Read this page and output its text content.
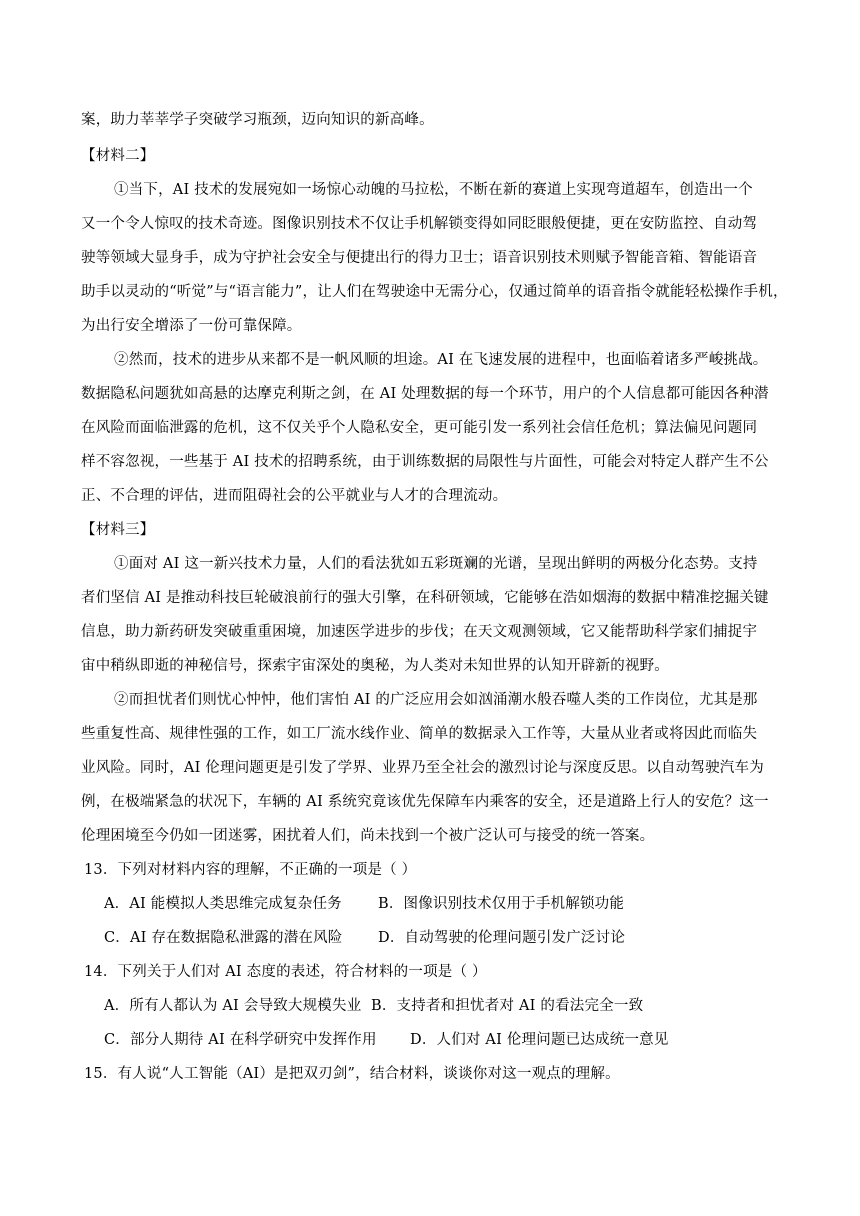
案，助力莘莘学子突破学习瓶颈，迈向知识的新高峰。
【材料二】
①当下，AI 技术的发展宛如一场惊心动魄的马拉松，不断在新的赛道上实现弯道超车，创造出一个
又一个令人惊叹的技术奇迹。图像识别技术不仅让手机解锁变得如同眨眼般便捷，更在安防监控、自动驾
驶等领域大显身手，成为守护社会安全与便捷出行的得力卫士；语音识别技术则赋予智能音箱、智能语音
助手以灵动的“听觉”与“语言能力”，让人们在驾驶途中无需分心，仅通过简单的语音指令就能轻松操作手机，
为出行安全增添了一份可靠保障。
②然而，技术的进步从来都不是一帆风顺的坦途。AI 在飞速发展的进程中，也面临着诸多严峻挑战。
数据隐私问题犹如高悬的达摩克利斯之剑，在 AI 处理数据的每一个环节，用户的个人信息都可能因各种潜
在风险而面临泄露的危机，这不仅关乎个人隐私安全，更可能引发一系列社会信任危机；算法偏见问题同
样不容忽视，一些基于 AI 技术的招聘系统，由于训练数据的局限性与片面性，可能会对特定人群产生不公
正、不合理的评估，进而阻碍社会的公平就业与人才的合理流动。
【材料三】
①面对 AI 这一新兴技术力量，人们的看法犹如五彩斑斓的光谱，呈现出鲜明的两极分化态势。支持
者们坚信 AI 是推动科技巨轮破浪前行的强大引擎，在科研领域，它能够在浩如烟海的数据中精准挖掘关键
信息，助力新药研发突破重重困境，加速医学进步的步伐；在天文观测领域，它又能帮助科学家们捕捉宇
宙中稍纵即逝的神秘信号，探索宇宙深处的奥秘，为人类对未知世界的认知开辟新的视野。
②而担忧者们则忧心忡忡，他们害怕 AI 的广泛应用会如汹涌潮水般吞噬人类的工作岗位，尤其是那
些重复性高、规律性强的工作，如工厂流水线作业、简单的数据录入工作等，大量从业者或将因此而临失
业风险。同时，AI 伦理问题更是引发了学界、业界乃至全社会的激烈讨论与深度反思。以自动驾驶汽车为
例，在极端紧急的状况下，车辆的 AI 系统究竟该优先保障车内乘客的安全，还是道路上行人的安危？这一
伦理困境至今仍如一团迷雾，困扰着人们，尚未找到一个被广泛认可与接受的统一答案。
13．下列对材料内容的理解，不正确的一项是（ ）
A．AI 能模拟人类思维完成复杂任务 B．图像识别技术仅用于手机解锁功能
C．AI 存在数据隐私泄露的潜在风险 D．自动驾驶的伦理问题引发广泛讨论
14．下列关于人们对 AI 态度的表述，符合材料的一项是（ ）
A．所有人都认为 AI 会导致大规模失业 B．支持者和担忧者对 AI 的看法完全一致
C．部分人期待 AI 在科学研究中发挥作用 D．人们对 AI 伦理问题已达成统一意见
15．有人说“人工智能（AI）是把双刃剑”，结合材料，谈谈你对这一观点的理解。
